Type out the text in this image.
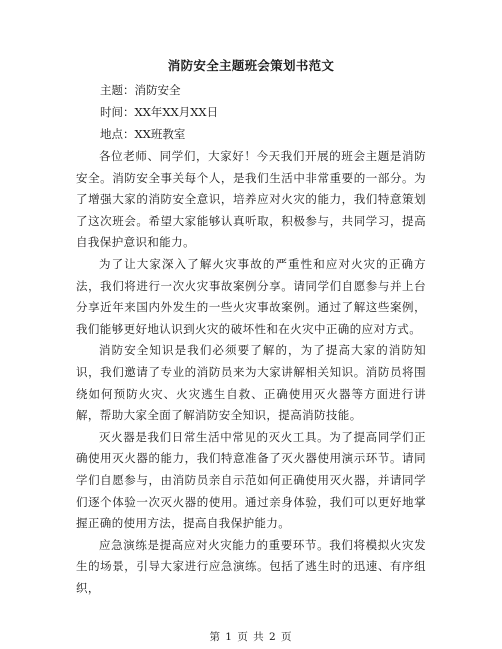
消防安全主题班会策划书范文

主题：消防安全

时间：XX年XX月XX日

地点：XX班教室

各位老师、同学们，大家好！今天我们开展的班会主题是消防安全。消防安全事关每个人，是我们生活中非常重要的一部分。为了增强大家的消防安全意识，培养应对火灾的能力，我们特意策划了这次班会。希望大家能够认真听取，积极参与，共同学习，提高自我保护意识和能力。

为了让大家深入了解火灾事故的严重性和应对火灾的正确方法，我们将进行一次火灾事故案例分享。请同学们自愿参与并上台分享近年来国内外发生的一些火灾事故案例。通过了解这些案例，我们能够更好地认识到火灾的破坏性和在火灾中正确的应对方式。

消防安全知识是我们必须要了解的，为了提高大家的消防知识，我们邀请了专业的消防员来为大家讲解相关知识。消防员将围绕如何预防火灾、火灾逃生自救、正确使用灭火器等方面进行讲解，帮助大家全面了解消防安全知识，提高消防技能。

灭火器是我们日常生活中常见的灭火工具。为了提高同学们正确使用灭火器的能力，我们特意准备了灭火器使用演示环节。请同学们自愿参与，由消防员亲自示范如何正确使用灭火器，并请同学们逐个体验一次灭火器的使用。通过亲身体验，我们可以更好地掌握正确的使用方法，提高自我保护能力。

应急演练是提高应对火灾能力的重要环节。我们将模拟火灾发生的场景，引导大家进行应急演练。包括了逃生时的迅速、有序组织，

第 1 页 共 2 页
